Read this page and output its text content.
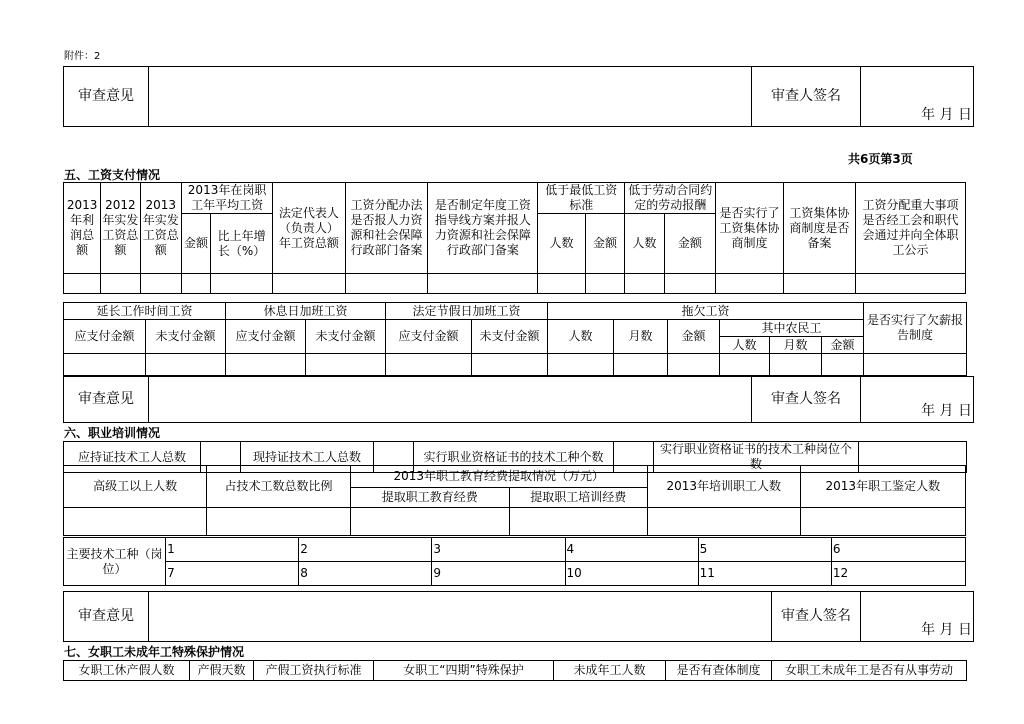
附件：2
审查意见		审查人签名	年 月 日
共6页第3页
五、工资支付情况
2013年利润总额	2012年实发工资总额	2013年实发工资总额	2013年在岗职工年平均工资		法定代表人（负责人）年工资总额	工资分配办法是否报人力资源和社会保障行政部门备案	是否制定年度工资指导线方案并报人力资源和社会保障行政部门备案	低于最低工资标准		低于劳动合同约定的劳动报酬		是否实行了工资集体协商制度	工资集体协商制度是否备案	工资分配重大事项是否经工会和职代会通过并向全体职工公示
			金额	比上年增长（%）				人数	金额	人数	金额			

延长工作时间工资		休息日加班工资		法定节假日加班工资		拖欠工资						是否实行了欠薪报告制度
应支付金额	未支付金额	应支付金额	未支付金额	应支付金额	未支付金额	人数	月数	金额	其中农民工			
									人数	月数	金额	

审查意见		审查人签名	年 月 日
六、职业培训情况
应持证技术工人总数		现持证技术工人总数		实行职业资格证书的技术工种个数		实行职业资格证书的技术工种岗位个数	
高级工以上人数	占技术工数总数比例	2013年职工教育经费提取情况（万元）		2013年培训职工人数	2013年职工鉴定人数
		提取职工教育经费	提取职工培训经费		

主要技术工种（岗位）	1	2	3	4	5	6
	7	8	9	10	11	12
审查意见		审查人签名	年 月 日
七、女职工未成年工特殊保护情况
女职工休产假人数	产假天数	产假工资执行标准	女职工“四期”特殊保护	未成年工人数	是否有查体制度	女职工未成年工是否有从事劳动
